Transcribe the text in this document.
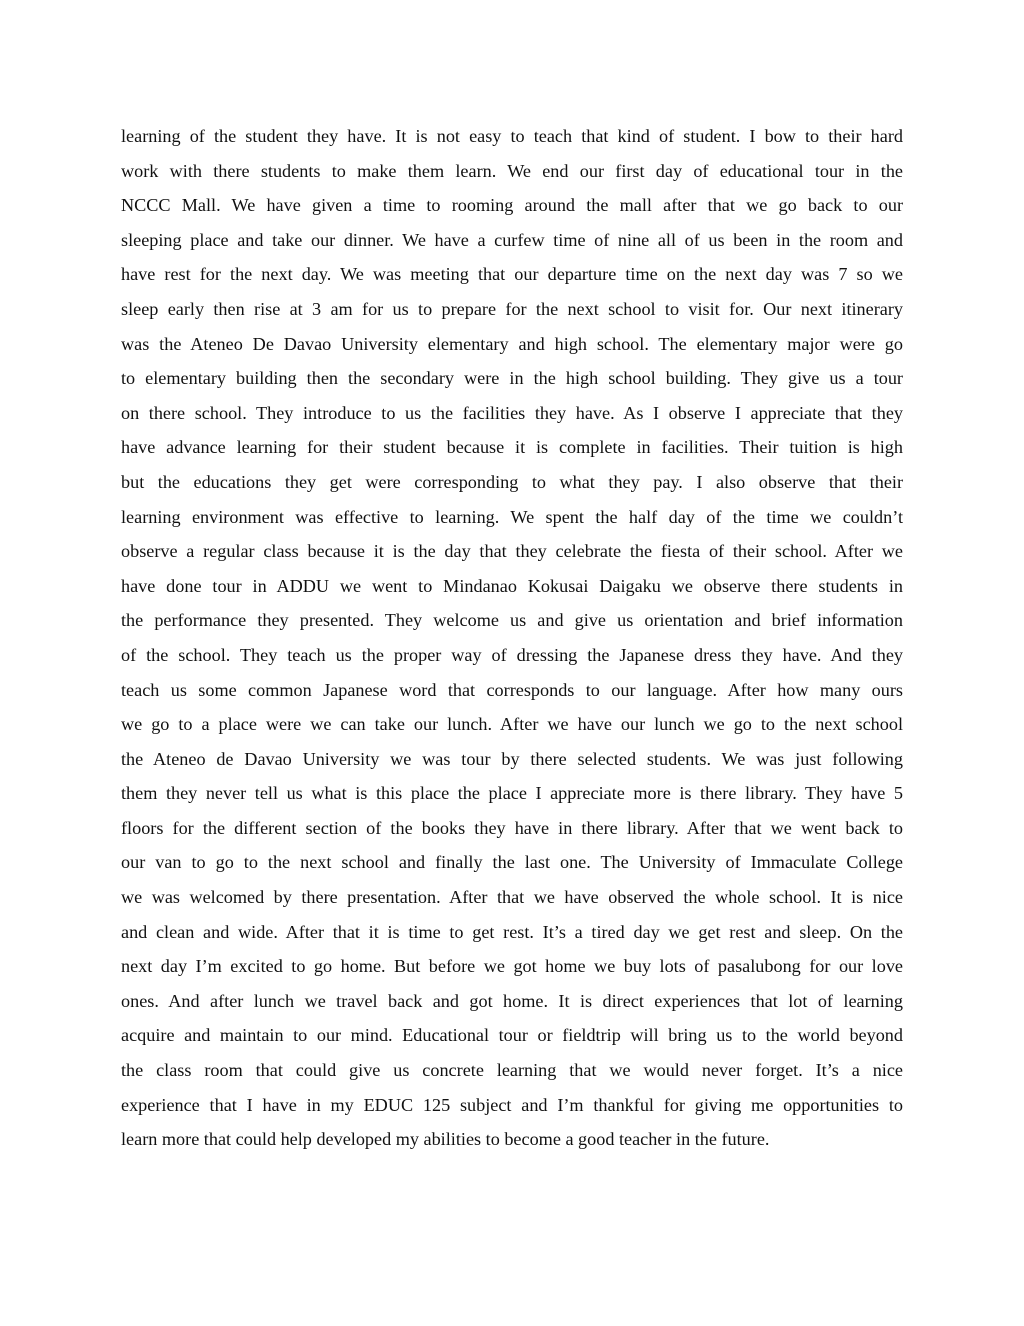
learning of the student they have. It is not easy to teach that kind of student. I bow to their hard
work with there students to make them learn. We end our first day of educational tour in the
NCCC Mall. We have given a time to rooming around the mall after that we go back to our
sleeping place and take our dinner. We have a curfew time of nine all of us been in the room and
have rest for the next day. We was meeting that our departure time on the next day was 7 so we
sleep early then rise at 3 am for us to prepare for the next school to visit for. Our next itinerary
was the Ateneo De Davao University elementary and high school. The elementary major were go
to elementary building then the secondary were in the high school building. They give us a tour
on there school. They introduce to us the facilities they have. As I observe I appreciate that they
have advance learning for their student because it is complete in facilities. Their tuition is high
but the educations they get were corresponding to what they pay. I also observe that their
learning environment was effective to learning. We spent the half day of the time we couldn’t
observe a regular class because it is the day that they celebrate the fiesta of their school. After we
have done tour in ADDU we went to Mindanao Kokusai Daigaku we observe there students in
the performance they presented. They welcome us and give us orientation and brief information
of the school. They teach us the proper way of dressing the Japanese dress they have. And they
teach us some common Japanese word that corresponds to our language. After how many ours
we go to a place were we can take our lunch. After we have our lunch we go to the next school
the Ateneo de Davao University we was tour by there selected students. We was just following
them they never tell us what is this place the place I appreciate more is there library. They have 5
floors for the different section of the books they have in there library. After that we went back to
our van to go to the next school and finally the last one. The University of Immaculate College
we was welcomed by there presentation. After that we have observed the whole school. It is nice
and clean and wide. After that it is time to get rest. It’s a tired day we get rest and sleep. On the
next day I’m excited to go home. But before we got home we buy lots of pasalubong for our love
ones. And after lunch we travel back and got home. It is direct experiences that lot of learning
acquire and maintain to our mind. Educational tour or fieldtrip will bring us to the world beyond
the class room that could give us concrete learning that we would never forget. It’s a nice
experience that I have in my EDUC 125 subject and I’m thankful for giving me opportunities to
learn more that could help developed my abilities to become a good teacher in the future.
